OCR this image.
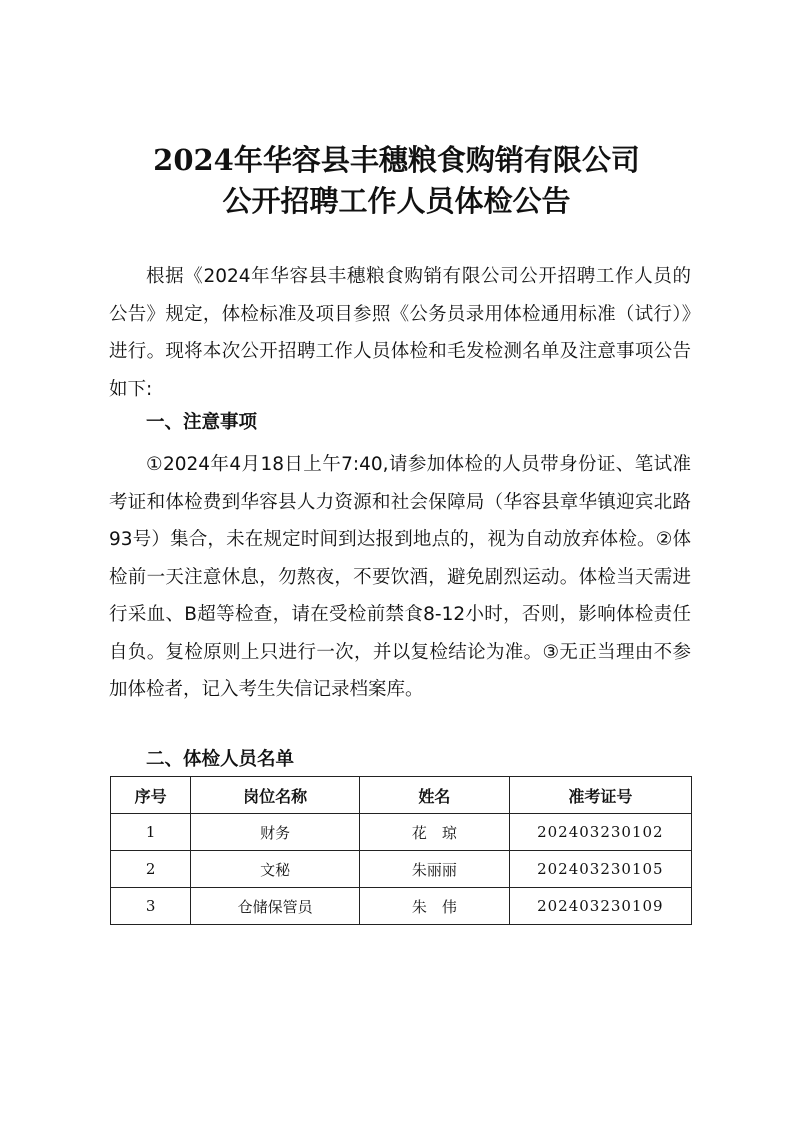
2024年华容县丰穗粮食购销有限公司
公开招聘工作人员体检公告

根据《2024年华容县丰穗粮食购销有限公司公开招聘工作人员的公告》规定，体检标准及项目参照《公务员录用体检通用标准（试行）》进行。现将本次公开招聘工作人员体检和毛发检测名单及注意事项公告如下:

一、注意事项

①2024年4月18日上午7:40,请参加体检的人员带身份证、笔试准考证和体检费到华容县人力资源和社会保障局（华容县章华镇迎宾北路93号）集合，未在规定时间到达报到地点的，视为自动放弃体检。②体检前一天注意休息，勿熬夜，不要饮酒，避免剧烈运动。体检当天需进行采血、B超等检查，请在受检前禁食8-12小时，否则，影响体检责任自负。复检原则上只进行一次，并以复检结论为准。③无正当理由不参加体检者，记入考生失信记录档案库。

二、体检人员名单
序号	岗位名称	姓名	准考证号
1	财务	花　琼	202403230102
2	文秘	朱丽丽	202403230105
3	仓储保管员	朱　伟	202403230109
